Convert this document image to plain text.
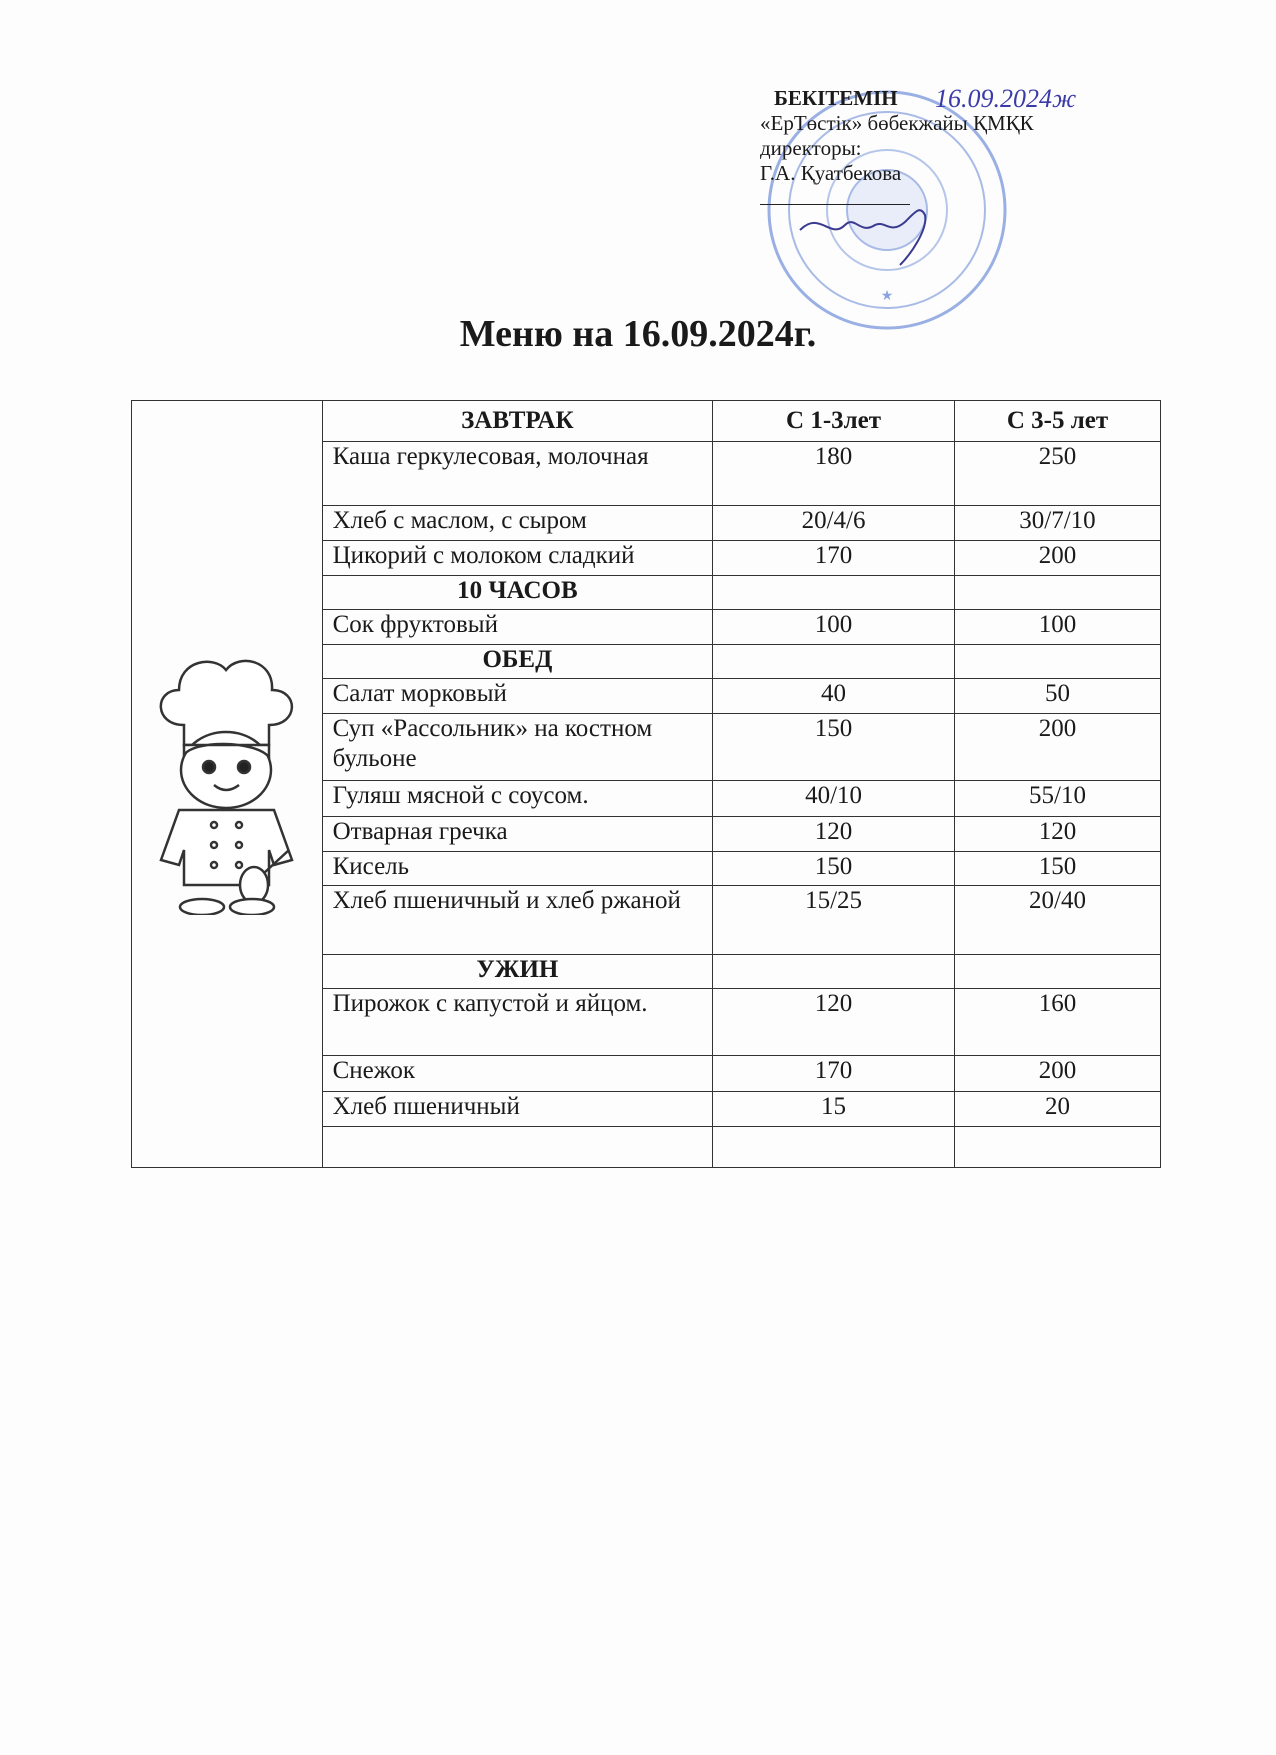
★
16.09.2024ж
БЕКІТЕМІН
«ЕрТөстік» бөбекжайы ҚМҚК
директоры:
Г.А. Қуатбекова
Меню на 16.09.2024г.
	ЗАВТРАК	С 1-3лет	С 3-5 лет
	Каша геркулесовая, молочная	180	250
	Хлеб с маслом, с сыром	20/4/6	30/7/10
	Цикорий с молоком сладкий	170	200
	10 ЧАСОВ		
	Сок фруктовый	100	100
	ОБЕД		
	Салат морковый	40	50
	Суп «Рассольник» на костном бульоне	150	200
	Гуляш мясной с соусом.	40/10	55/10
	Отварная гречка	120	120
	Кисель	150	150
	Хлеб пшеничный и хлеб ржаной	15/25	20/40
	УЖИН		
	Пирожок с капустой и яйцом.	120	160
	Снежок	170	200
	Хлеб пшеничный	15	20
